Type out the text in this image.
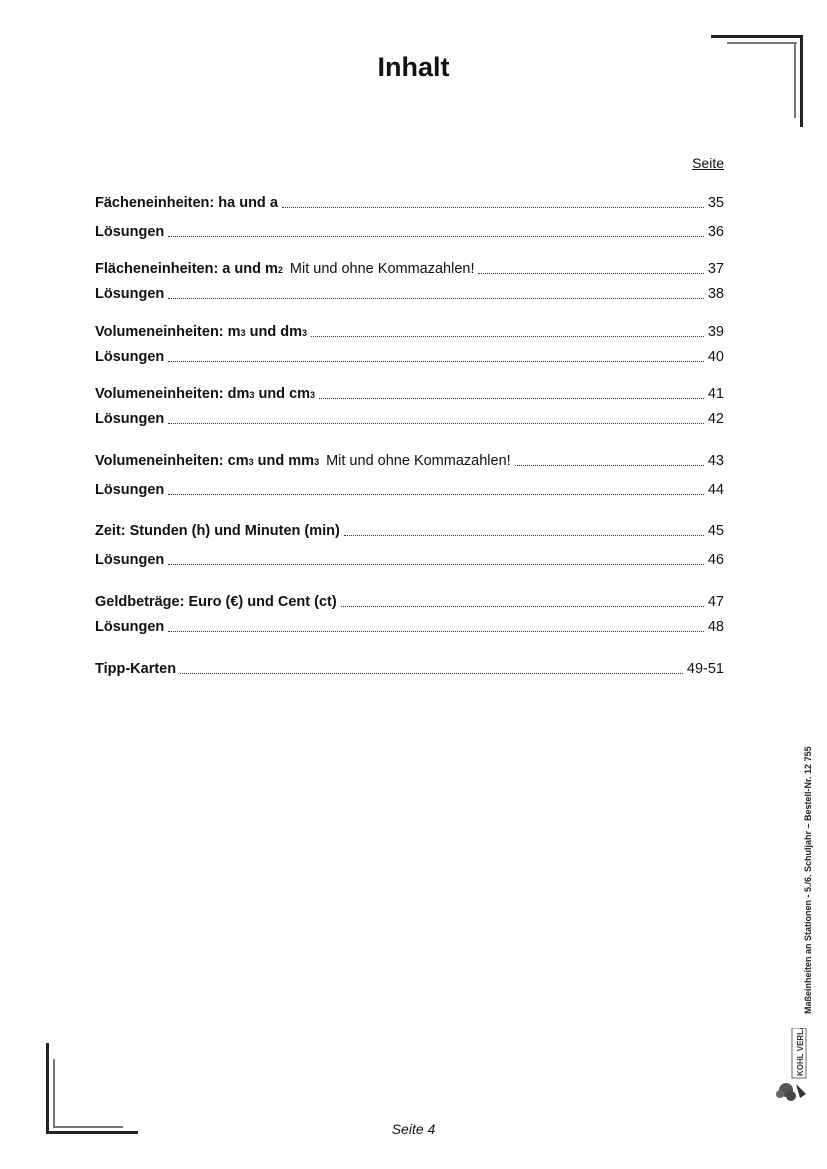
Inhalt
Seite
Fächeneinheiten: ha und a	35
Lösungen	36
Flächeneinheiten: a und m 2 Mit und ohne Kommazahlen!	37
Lösungen	38
Volumeneinheiten: m 3 und dm 3	39
Lösungen	40
Volumeneinheiten: dm 3 und cm 3	41
Lösungen	42
Volumeneinheiten: cm 3 und mm 3 Mit und ohne Kommazahlen!	43
Lösungen	44
Zeit: Stunden (h) und Minuten (min)	45
Lösungen	46
Geldbeträge: Euro (€) und Cent (ct)	47
Lösungen	48
Tipp-Karten	49-51
Seite 4
Maßeinheiten an Stationen - 5./6. Schuljahr – Bestell-Nr. 12 755
KOHL VERLAG
